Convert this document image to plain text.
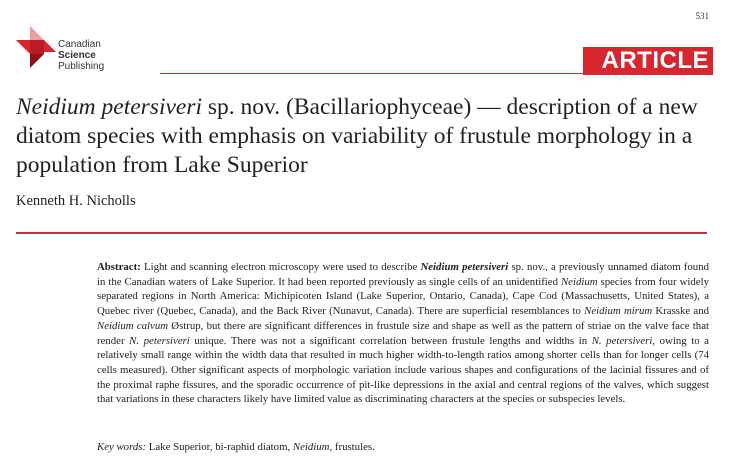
531
Canadian
Science
Publishing	ARTICLE
Neidium petersiveri sp. nov. (Bacillariophyceae) — description of a new diatom species with emphasis on variability of frustule morphology in a population from Lake Superior
Kenneth H. Nicholls

Abstract: Light and scanning electron microscopy were used to describe Neidium petersiveri sp. nov., a previously unnamed diatom found in the Canadian waters of Lake Superior. It had been reported previously as single cells of an unidentified Neidium species from four widely separated regions in North America: Michipicoten Island (Lake Superior, Ontario, Canada), Cape Cod (Massachusetts, United States), a Quebec river (Quebec, Canada), and the Back River (Nunavut, Canada). There are superficial resemblances to Neidium mirum Krasske and Neidium calvum Østrup, but there are significant differences in frustule size and shape as well as the pattern of striae on the valve face that render N. petersiveri unique. There was not a significant correlation between frustule lengths and widths in N. petersiveri, owing to a relatively small range within the width data that resulted in much higher width-to-length ratios among shorter cells than for longer cells (74 cells measured). Other significant aspects of morphologic variation include various shapes and configurations of the lacinial fissures and of the proximal raphe fissures, and the sporadic occurrence of pit-like depressions in the axial and central regions of the valves, which suggest that variations in these characters likely have limited value as discriminating characters at the species or subspecies levels.

Key words: Lake Superior, bi-raphid diatom, Neidium, frustules.
